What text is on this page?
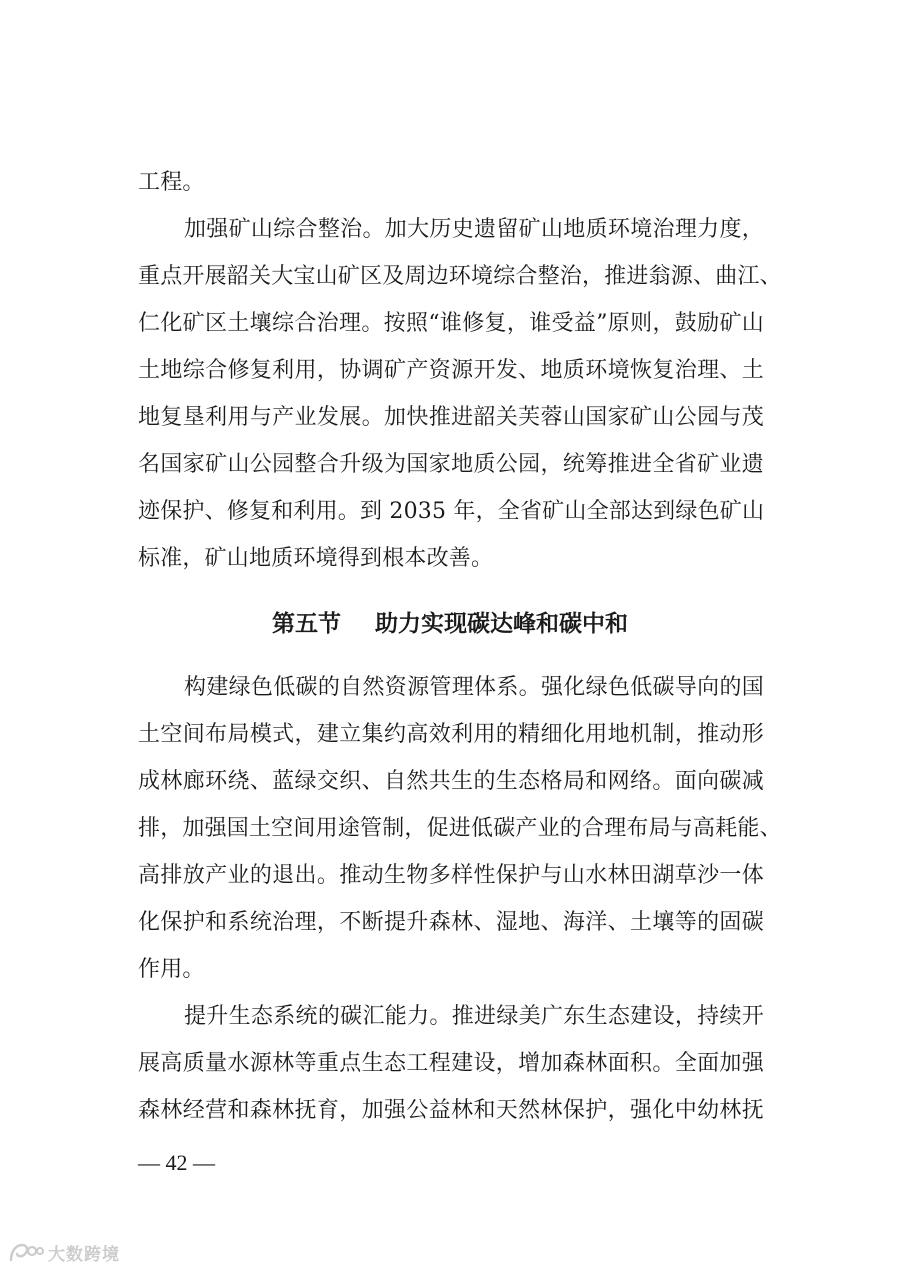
工程。
加强矿山综合整治。加大历史遗留矿山地质环境治理力度，
重点开展韶关大宝山矿区及周边环境综合整治，推进翁源、曲江、
仁化矿区土壤综合治理。按照“谁修复，谁受益”原则，鼓励矿山
土地综合修复利用，协调矿产资源开发、地质环境恢复治理、土
地复垦利用与产业发展。加快推进韶关芙蓉山国家矿山公园与茂
名国家矿山公园整合升级为国家地质公园，统筹推进全省矿业遗
迹保护、修复和利用。到 2035 年，全省矿山全部达到绿色矿山
标准，矿山地质环境得到根本改善。
第五节 助力实现碳达峰和碳中和
构建绿色低碳的自然资源管理体系。强化绿色低碳导向的国
土空间布局模式，建立集约高效利用的精细化用地机制，推动形
成林廊环绕、蓝绿交织、自然共生的生态格局和网络。面向碳减
排，加强国土空间用途管制，促进低碳产业的合理布局与高耗能、
高排放产业的退出。推动生物多样性保护与山水林田湖草沙一体
化保护和系统治理，不断提升森林、湿地、海洋、土壤等的固碳
作用。
提升生态系统的碳汇能力。推进绿美广东生态建设，持续开
展高质量水源林等重点生态工程建设，增加森林面积。全面加强
森林经营和森林抚育，加强公益林和天然林保护，强化中幼林抚
— 42 —
大数跨境
